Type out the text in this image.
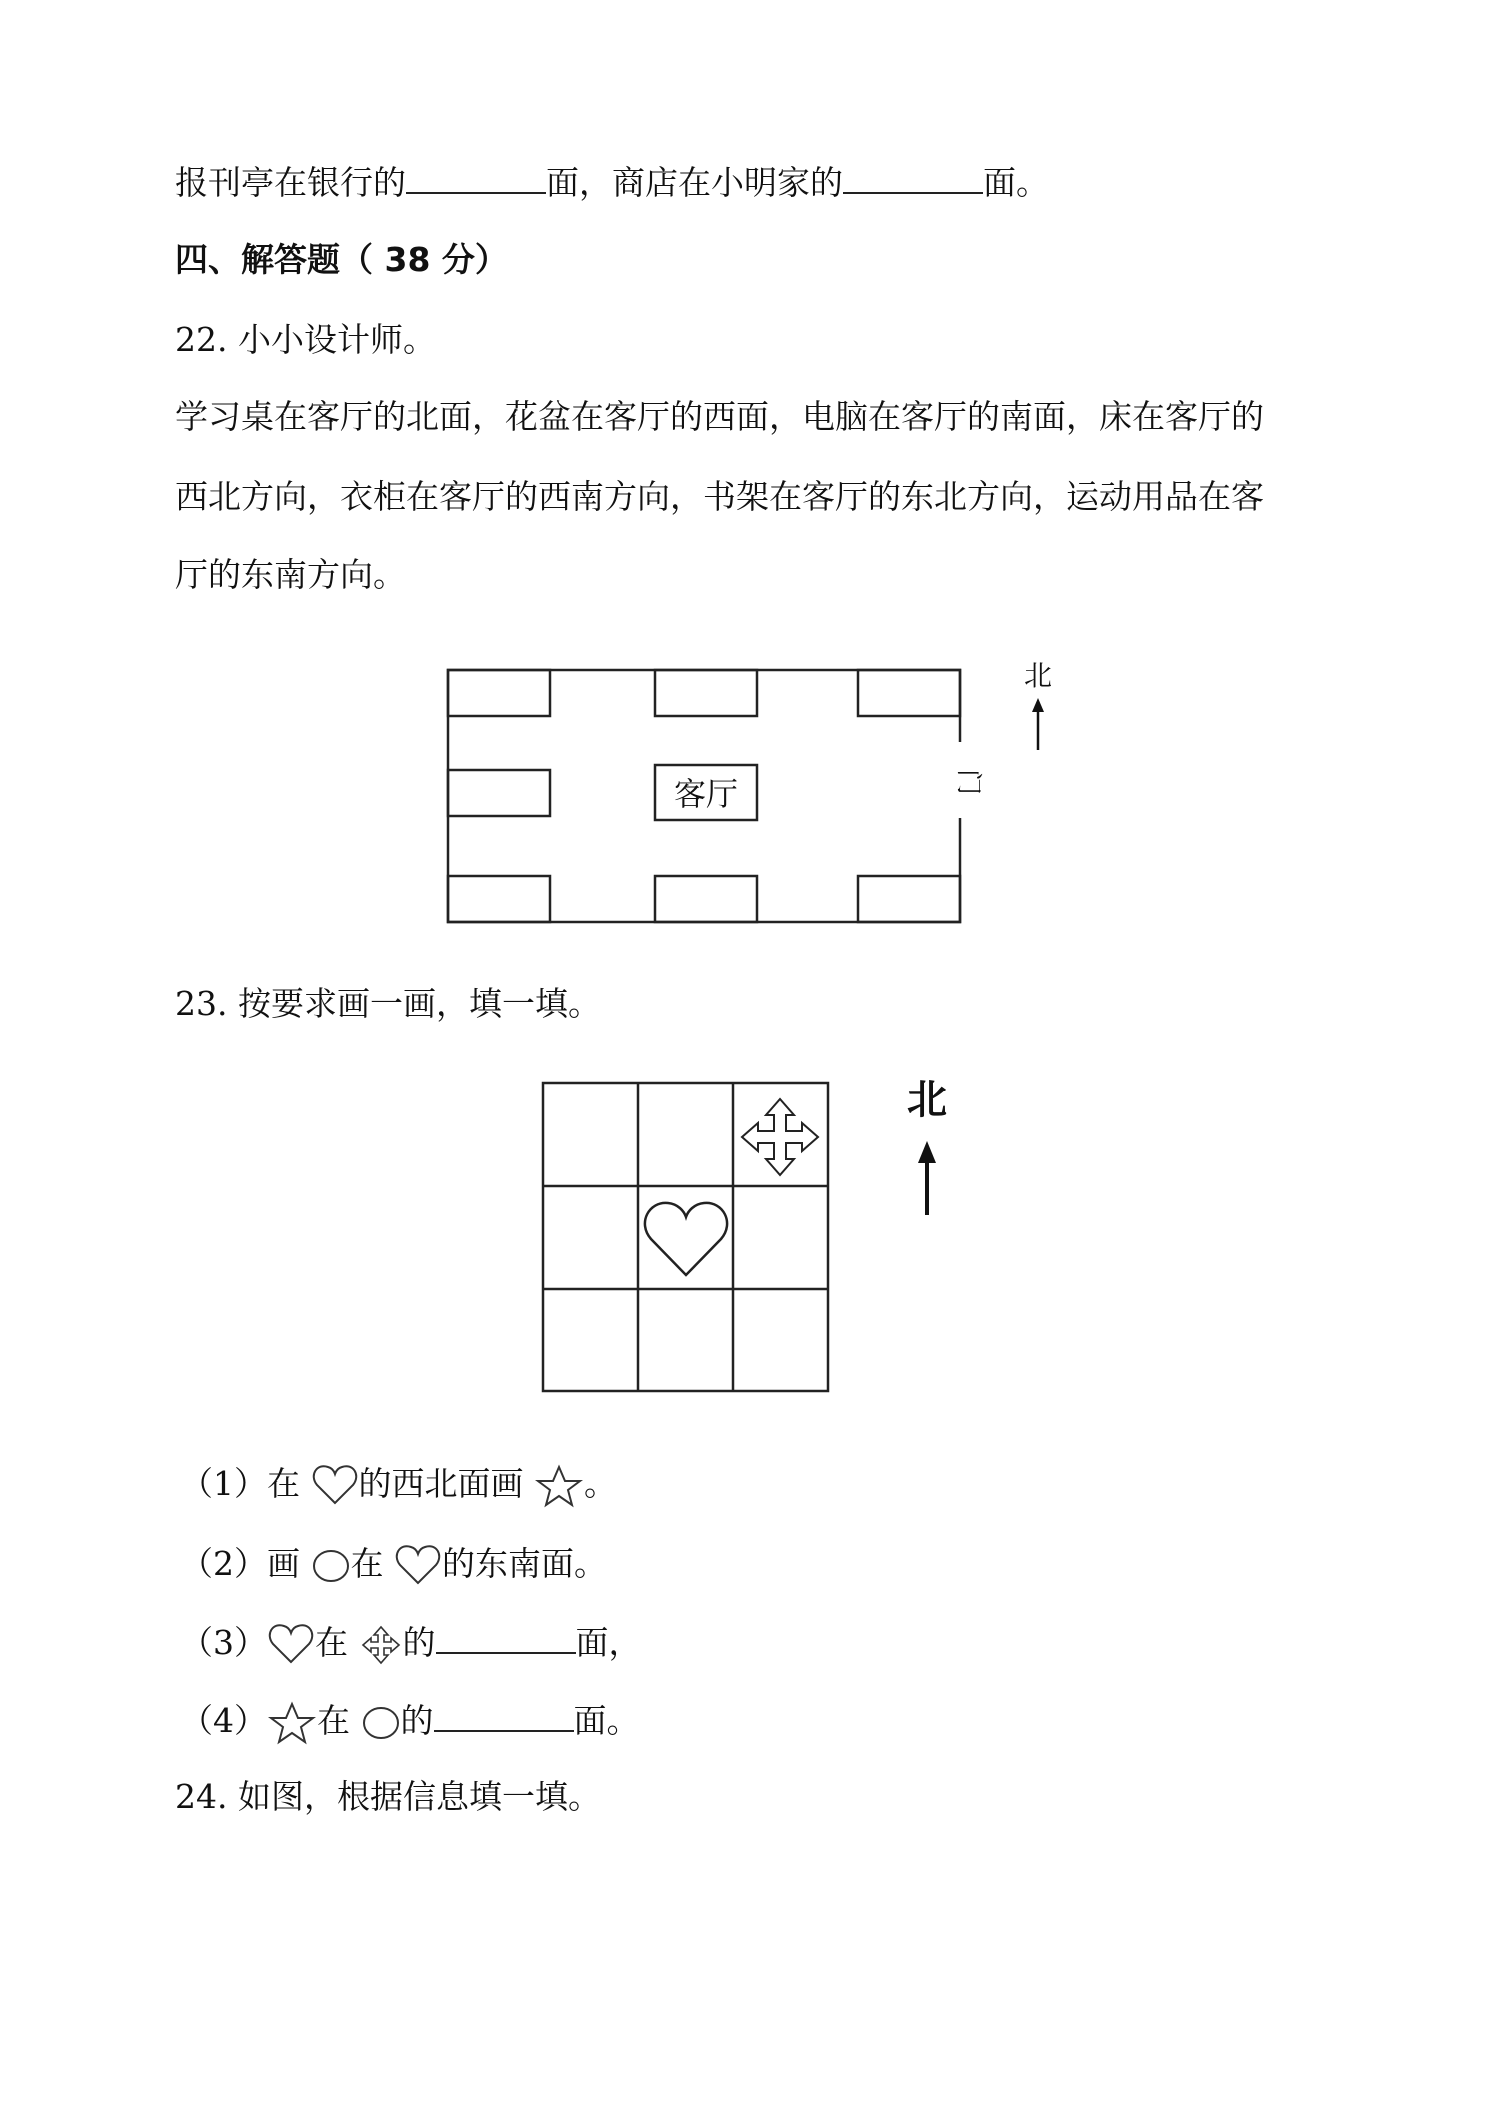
报刊亭在银行的	面，商店在小明家的	面。
四、解答题（ 38 分）
22. 小小设计师。
学习桌在客厅的北面，花盆在客厅的西面，电脑在客厅的南面，床在客厅的
西北方向，衣柜在客厅的西南方向，书架在客厅的东北方向，运动用品在客
厅的东南方向。
客厅	门
北
23. 按要求画一画，填一填。
北
（1）在 的西北面画 。
（2）画 在 的东南面。
（3） 在 的	面，
（4） 在 的	面。
24. 如图，根据信息填一填。
